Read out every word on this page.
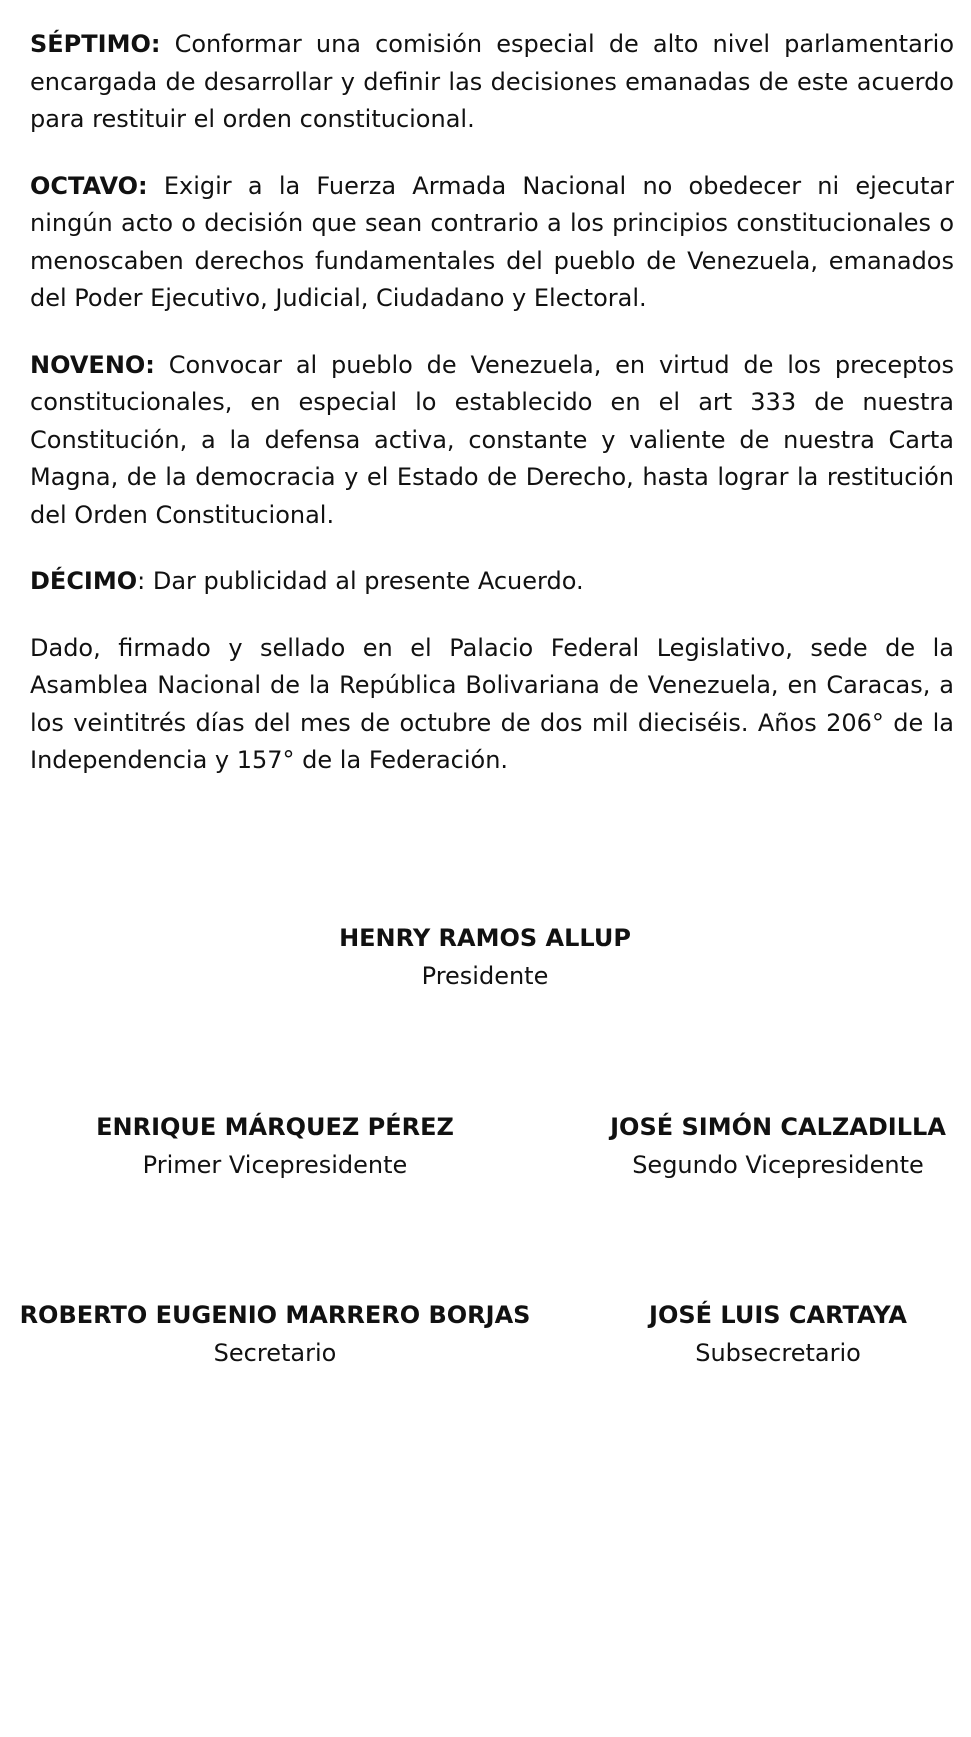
SÉPTIMO: Conformar una comisión especial de alto nivel parlamentario encargada de desarrollar y definir las decisiones emanadas de este acuerdo para restituir el orden constitucional.

OCTAVO: Exigir a la Fuerza Armada Nacional no obedecer ni ejecutar ningún acto o decisión que sean contrario a los principios constitucionales o menoscaben derechos fundamentales del pueblo de Venezuela, emanados del Poder Ejecutivo, Judicial, Ciudadano y Electoral.

NOVENO: Convocar al pueblo de Venezuela, en virtud de los preceptos constitucionales, en especial lo establecido en el art 333 de nuestra Constitución, a la defensa activa, constante y valiente de nuestra Carta Magna, de la democracia y el Estado de Derecho, hasta lograr la restitución del Orden Constitucional.

DÉCIMO: Dar publicidad al presente Acuerdo.

Dado, firmado y sellado en el Palacio Federal Legislativo, sede de la Asamblea Nacional de la República Bolivariana de Venezuela, en Caracas, a los veintitrés días del mes de octubre de dos mil dieciséis. Años 206° de la Independencia y 157° de la Federación.

HENRY RAMOS ALLUP
Presidente
ENRIQUE MÁRQUEZ PÉREZ
Primer Vicepresidente
JOSÉ SIMÓN CALZADILLA
Segundo Vicepresidente
ROBERTO EUGENIO MARRERO BORJAS
Secretario
JOSÉ LUIS CARTAYA
Subsecretario
